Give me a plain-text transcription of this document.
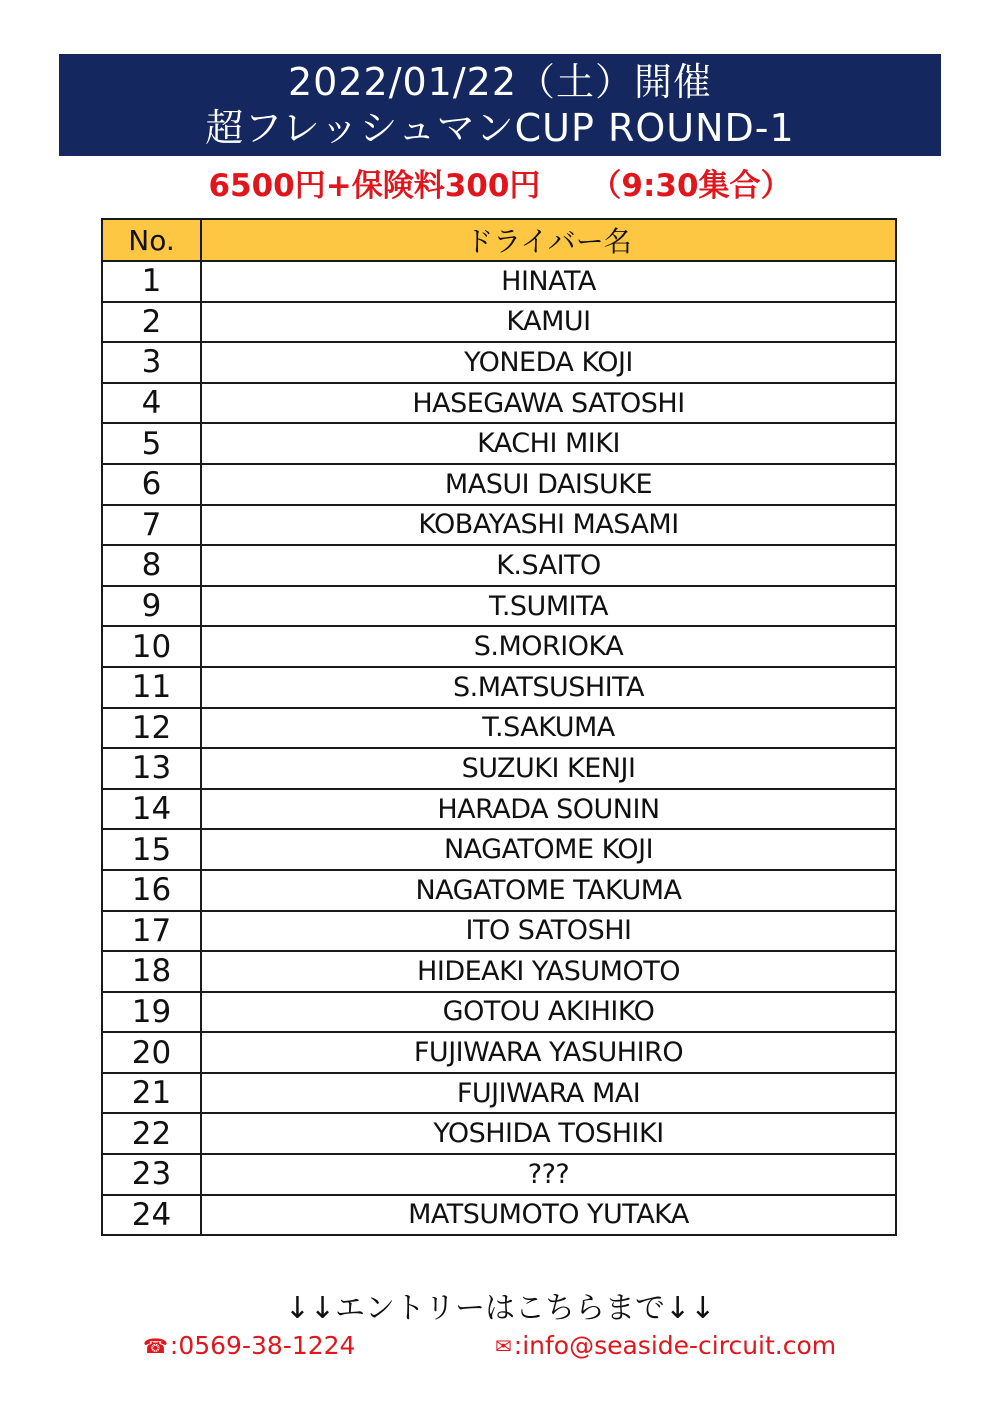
2022/01/22（土）開催
超フレッシュマンCUP ROUND-1
6500円+保険料300円 （9:30集合）
No.	ドライバー名
1	HINATA
2	KAMUI
3	YONEDA KOJI
4	HASEGAWA SATOSHI
5	KACHI MIKI
6	MASUI DAISUKE
7	KOBAYASHI MASAMI
8	K.SAITO
9	T.SUMITA
10	S.MORIOKA
11	S.MATSUSHITA
12	T.SAKUMA
13	SUZUKI KENJI
14	HARADA SOUNIN
15	NAGATOME KOJI
16	NAGATOME TAKUMA
17	ITO SATOSHI
18	HIDEAKI YASUMOTO
19	GOTOU AKIHIKO
20	FUJIWARA YASUHIRO
21	FUJIWARA MAI
22	YOSHIDA TOSHIKI
23	???
24	MATSUMOTO YUTAKA
↓↓エントリーはこちらまで↓↓
☎ :0569-38-1224	✉ :info@seaside-circuit.com
